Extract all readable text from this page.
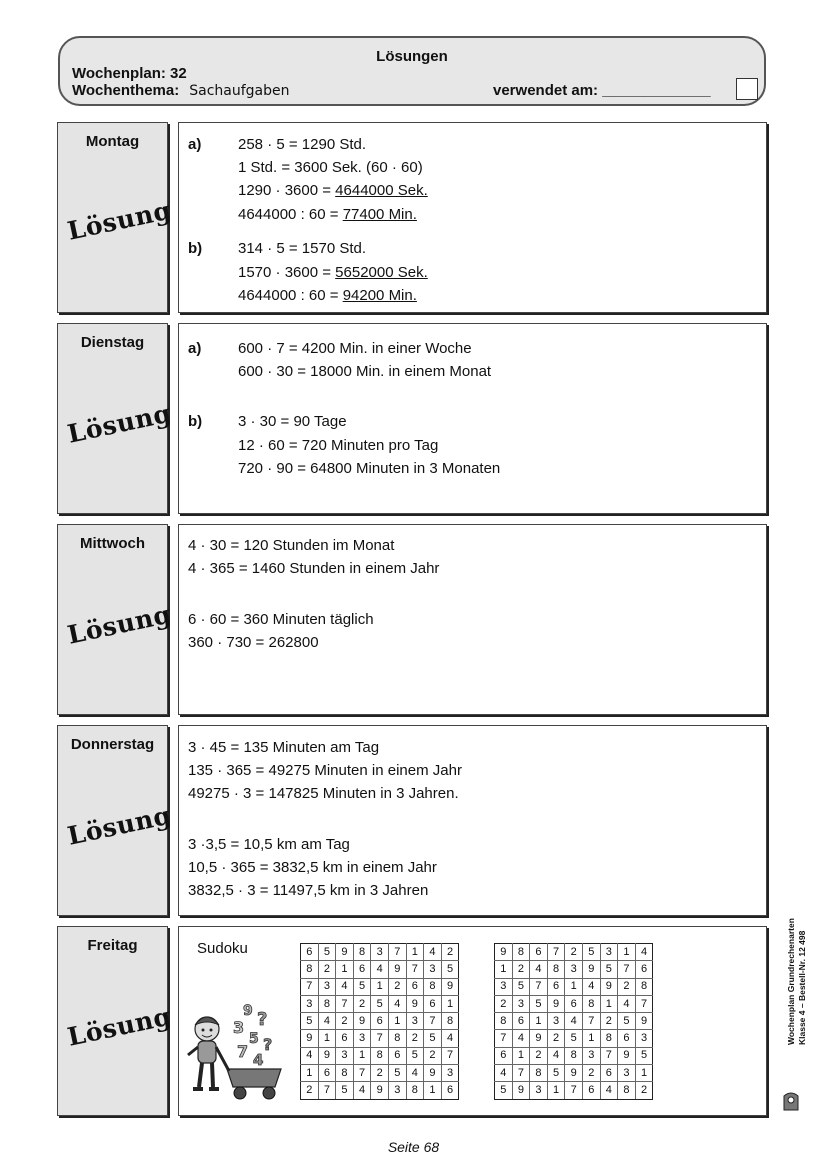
Lösungen
Wochenplan: 32
Wochenthema: Sachaufgaben	verwendet am: _____________
Montag
Lösung
a) 258 · 5 = 1290 Std.
1 Std. = 3600 Sek. (60 · 60)
1290 · 3600 = 4644000 Sek.
4644000 : 60 = 77400 Min.
b) 314 · 5 = 1570 Std.
1570 · 3600 = 5652000 Sek.
4644000 : 60 = 94200 Min.
Dienstag
Lösung
a) 600 · 7 = 4200 Min. in einer Woche
600 · 30 = 18000 Min. in einem Monat
b) 3 · 30 = 90 Tage
12 · 60 = 720 Minuten pro Tag
720 · 90 = 64800 Minuten in 3 Monaten
Mittwoch
Lösung
4 · 30 = 120 Stunden im Monat
4 · 365 = 1460 Stunden in einem Jahr
6 · 60 = 360 Minuten täglich
360 · 730 = 262800
Donnerstag
Lösung
3 · 45 = 135 Minuten am Tag
135 · 365 = 49275 Minuten in einem Jahr
49275 · 3 = 147825 Minuten in 3 Jahren.
3 ·3,5 = 10,5 km am Tag
10,5 · 365 = 3832,5 km in einem Jahr
3832,5 · 3 = 11497,5 km in 3 Jahren
Freitag
Lösung
Sudoku
9 ?
3
5 ?
7 4
6	5	9	8	3	7	1	4	2
8	2	1	6	4	9	7	3	5
7	3	4	5	1	2	6	8	9
3	8	7	2	5	4	9	6	1
5	4	2	9	6	1	3	7	8
9	1	6	3	7	8	2	5	4
4	9	3	1	8	6	5	2	7
1	6	8	7	2	5	4	9	3
2	7	5	4	9	3	8	1	6
9	8	6	7	2	5	3	1	4
1	2	4	8	3	9	5	7	6
3	5	7	6	1	4	9	2	8
2	3	5	9	6	8	1	4	7
8	6	1	3	4	7	2	5	9
7	4	9	2	5	1	8	6	3
6	1	2	4	8	3	7	9	5
4	7	8	5	9	2	6	3	1
5	9	3	1	7	6	4	8	2
Wochenplan Grundrechenarten Klasse 4 – Bestell-Nr. 12 498
Seite 68
